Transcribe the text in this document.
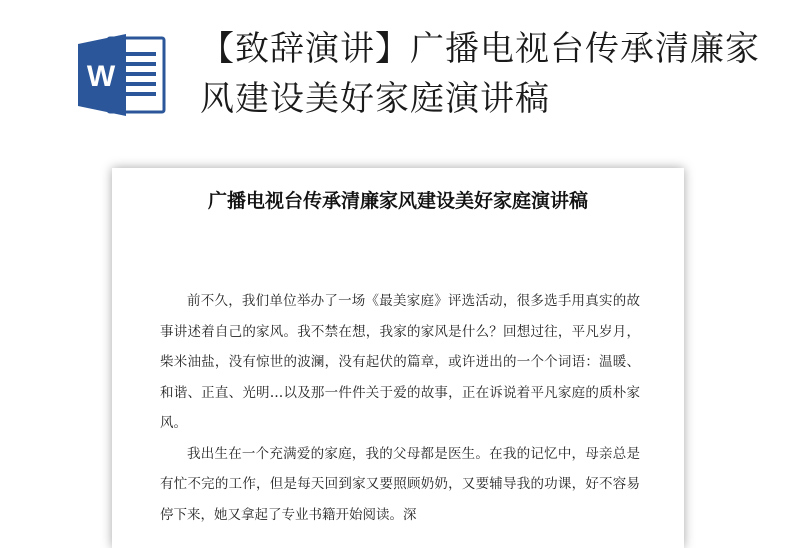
W
【致辞演讲】广播电视台传承清廉家风建设美好家庭演讲稿
广播电视台传承清廉家风建设美好家庭演讲稿

前不久，我们单位举办了一场《最美家庭》评选活动，很多选手用真实的故事讲述着自己的家风。我不禁在想，我家的家风是什么？回想过往，平凡岁月，柴米油盐，没有惊世的波澜，没有起伏的篇章，或许迸出的一个个词语：温暖、和谐、正直、光明…以及那一件件关于爱的故事，正在诉说着平凡家庭的质朴家风。

我出生在一个充满爱的家庭，我的父母都是医生。在我的记忆中，母亲总是有忙不完的工作，但是每天回到家又要照顾奶奶，又要辅导我的功课，好不容易停下来，她又拿起了专业书籍开始阅读。深
